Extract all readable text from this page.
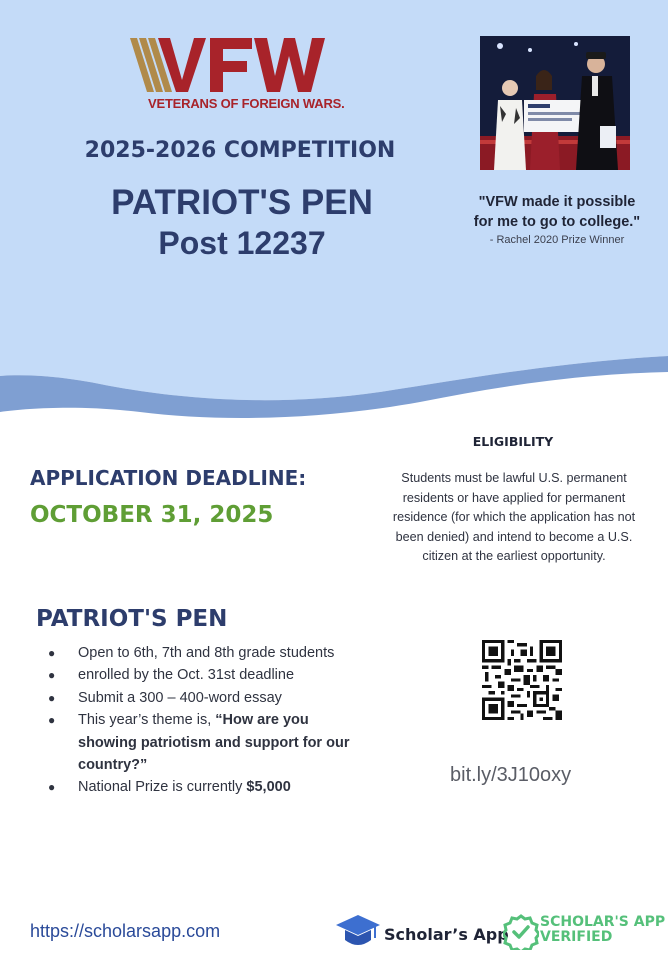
VETERANS OF FOREIGN WARS.
2025-2026 COMPETITION
PATRIOT'S PEN
Post 12237
"VFW made it possible
for me to go to college."
- Rachel 2020 Prize Winner
ELIGIBILITY
Students must be lawful U.S. permanent
residents or have applied for permanent
residence (for which the application has not
been denied) and intend to become a U.S.
citizen at the earliest opportunity.
APPLICATION DEADLINE:
OCTOBER 31, 2025
PATRIOT'S PEN
● Open to 6th, 7th and 8th grade students
● enrolled by the Oct. 31st deadline
● Submit a 300 – 400-word essay
● This year’s theme is, “How are you
showing patriotism and support for our
country?”
● National Prize is currently $5,000
bit.ly/3J10oxy
https://scholarsapp.com	Scholar’s App
SCHOLAR'S APP
VERIFIED
